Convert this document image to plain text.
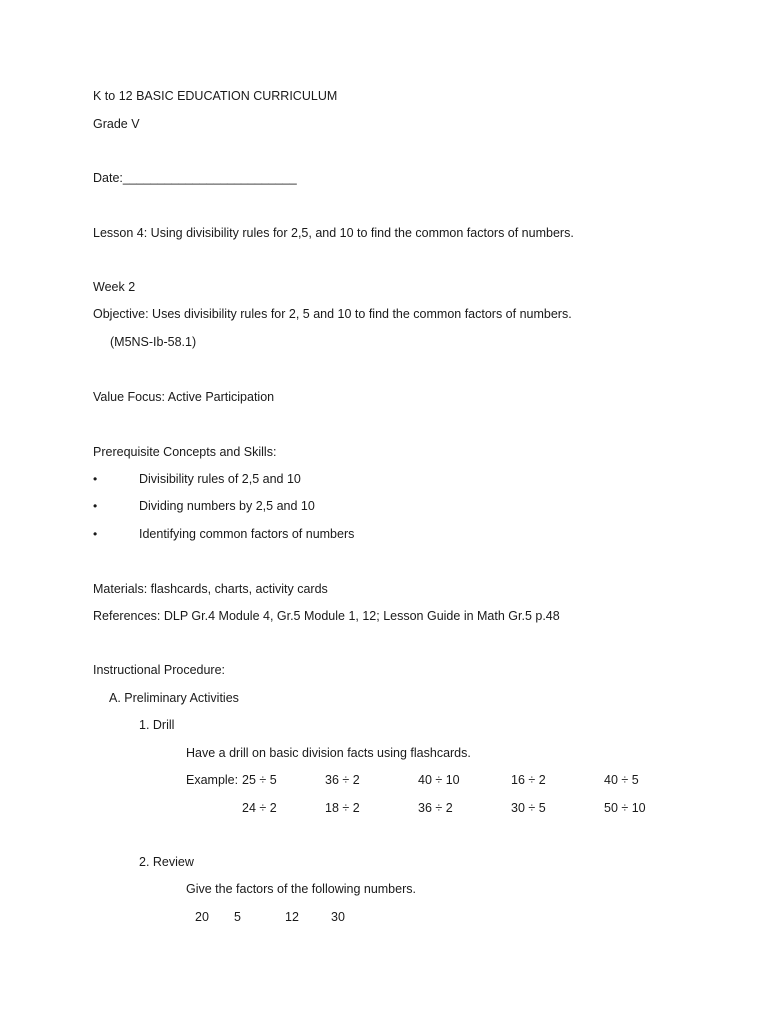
K to 12 BASIC EDUCATION CURRICULUM
Grade V
Date:_________________________
Lesson 4: Using divisibility rules for 2,5, and 10 to find the common factors of numbers.
Week 2
Objective: Uses divisibility rules for 2, 5 and 10 to find the common factors of numbers.
(M5NS-Ib-58.1)
Value Focus: Active Participation
Prerequisite Concepts and Skills:
•	Divisibility rules of 2,5 and 10
•	Dividing numbers by 2,5 and 10
•	Identifying common factors of numbers
Materials: flashcards, charts, activity cards
References: DLP Gr.4 Module 4, Gr.5 Module 1, 12; Lesson Guide in Math Gr.5 p.48
Instructional Procedure:
A. Preliminary Activities
1. Drill
Have a drill on basic division facts using flashcards.
Example: 25 ÷ 5	36 ÷ 2	40 ÷ 10	16 ÷ 2	40 ÷ 5
24 ÷ 2	18 ÷ 2	36 ÷ 2	30 ÷ 5	50 ÷ 10
2. Review
Give the factors of the following numbers.
20 5	12	30
